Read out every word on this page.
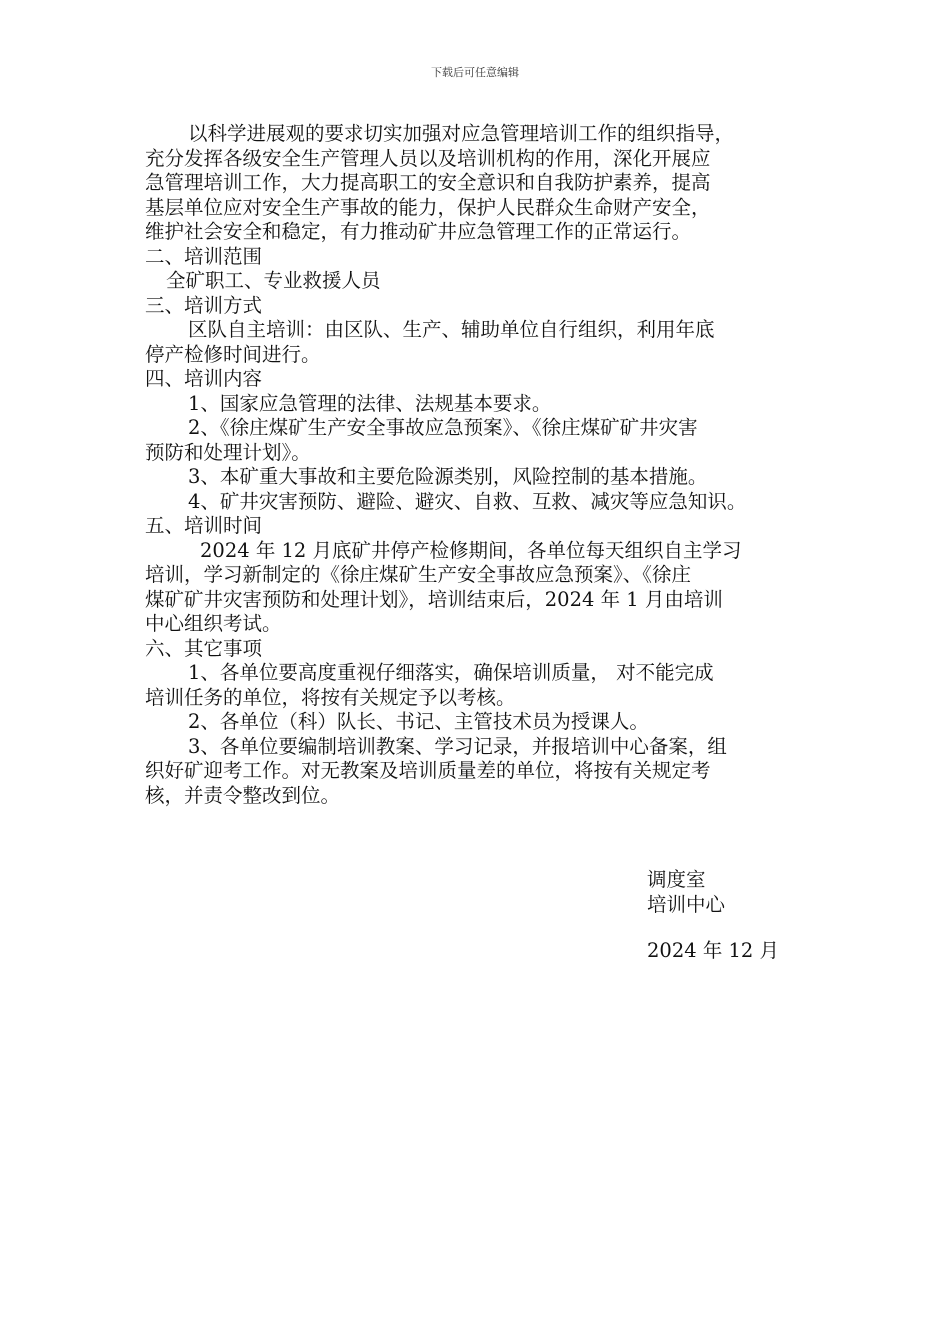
下载后可任意编辑
以科学进展观的要求切实加强对应急管理培训工作的组织指导，
充分发挥各级安全生产管理人员以及培训机构的作用，深化开展应
急管理培训工作，大力提高职工的安全意识和自我防护素养，提高
基层单位应对安全生产事故的能力，保护人民群众生命财产安全，
维护社会安全和稳定，有力推动矿井应急管理工作的正常运行。
二、培训范围
全矿职工、专业救援人员
三、培训方式
区队自主培训：由区队、生产、辅助单位自行组织，利用年底
停产检修时间进行。
四、培训内容
1、国家应急管理的法律、法规基本要求。
2、《徐庄煤矿生产安全事故应急预案》、《徐庄煤矿矿井灾害
预防和处理计划》。
3、本矿重大事故和主要危险源类别，风险控制的基本措施。
4、矿井灾害预防、避险、避灾、自救、互救、减灾等应急知识。
五、培训时间
2024 年 12 月底矿井停产检修期间，各单位每天组织自主学习
培训，学习新制定的《徐庄煤矿生产安全事故应急预案》、《徐庄
煤矿矿井灾害预防和处理计划》，培训结束后，2024 年 1 月由培训
中心组织考试。
六、其它事项
1、各单位要高度重视仔细落实，确保培训质量， 对不能完成
培训任务的单位，将按有关规定予以考核。
2、各单位（科）队长、书记、主管技术员为授课人。
3、各单位要编制培训教案、学习记录，并报培训中心备案，组
织好矿迎考工作。对无教案及培训质量差的单位，将按有关规定考
核，并责令整改到位。
调度室
培训中心
2024 年 12 月
